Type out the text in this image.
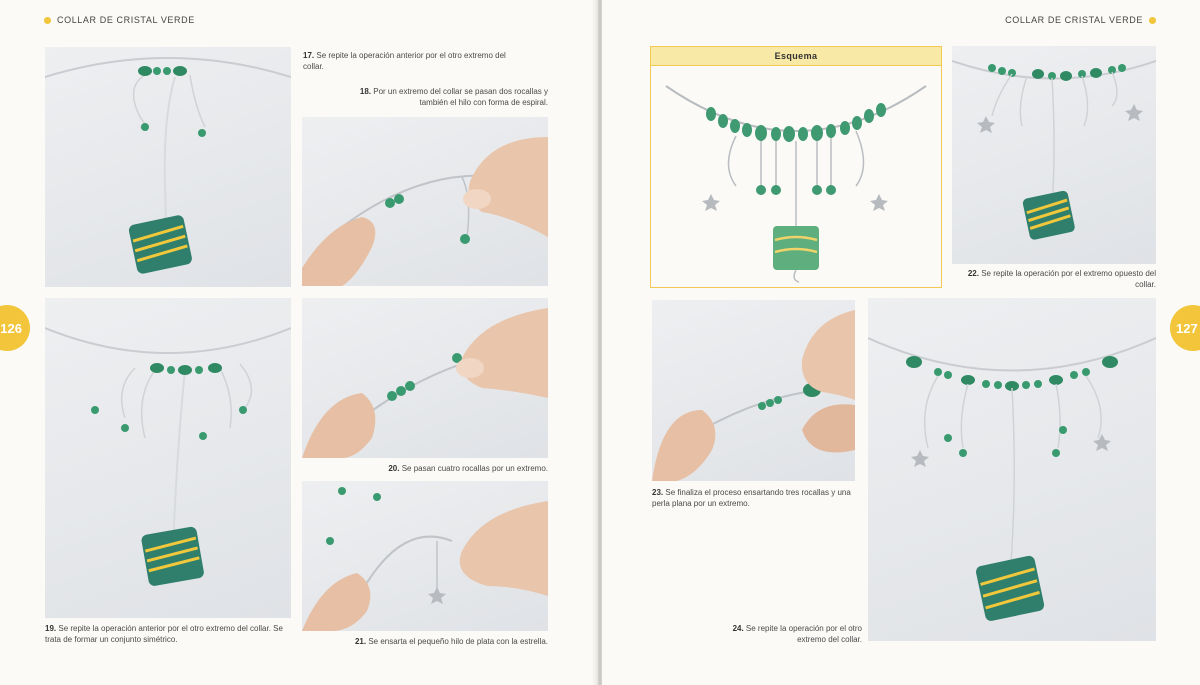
COLLAR DE CRISTAL VERDE
17. Se repite la operación anterior por el otro extremo del collar.
18. Por un extremo del collar se pasan dos rocallas y también el hilo con forma de espiral.
126
20. Se pasan cuatro rocallas por un extremo.
19. Se repite la operación anterior por el otro extremo del collar. Se trata de formar un conjunto simétrico.	21. Se ensarta el pequeño hilo de plata con la estrella.
COLLAR DE CRISTAL VERDE
Esquema
22. Se repite la operación por el extremo opuesto del collar.
127
23. Se finaliza el proceso ensartando tres rocallas y una perla plana por un extremo.
24. Se repite la operación por el otro extremo del collar.
